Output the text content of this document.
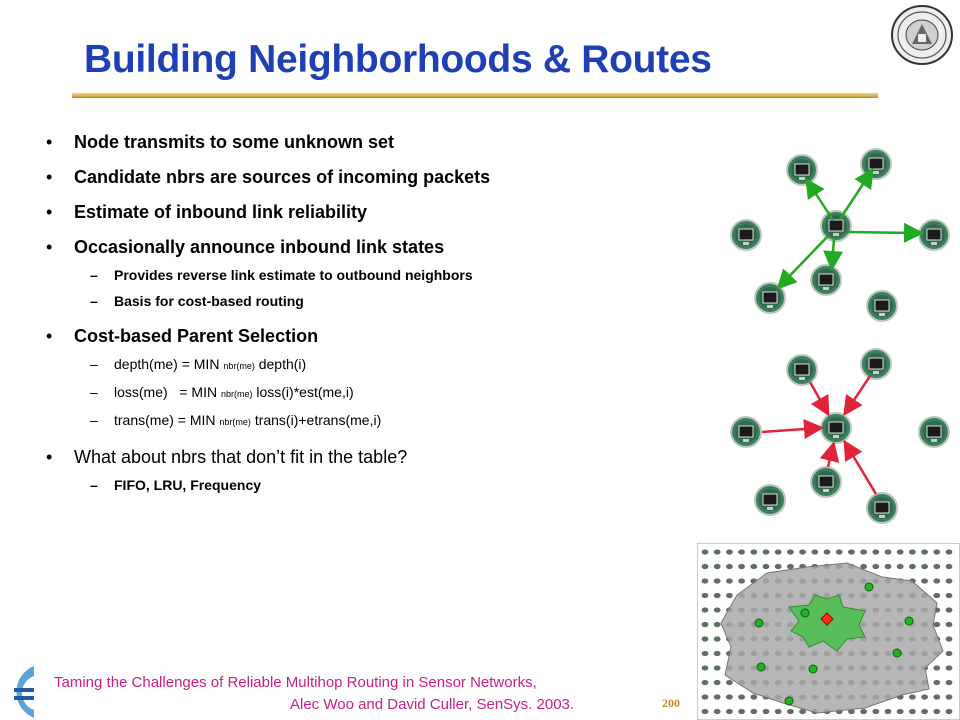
Building Neighborhoods & Routes
• Node transmits to some unknown set
• Candidate nbrs are sources of incoming packets
• Estimate of inbound link reliability
• Occasionally announce inbound link states
– Provides reverse link estimate to outbound neighbors
– Basis for cost-based routing
• Cost-based Parent Selection
– depth(me) = MIN nbr(me) depth(i)
– loss(me)   = MIN nbr(me) loss(i)*est(me,i)
– trans(me) = MIN nbr(me) trans(i)+etrans(me,i)
• What about nbrs that don’t fit in the table?
– FIFO, LRU, Frequency
Taming the Challenges of Reliable Multihop Routing in Sensor Networks,
Alec Woo and David Culler, SenSys. 2003.	200
